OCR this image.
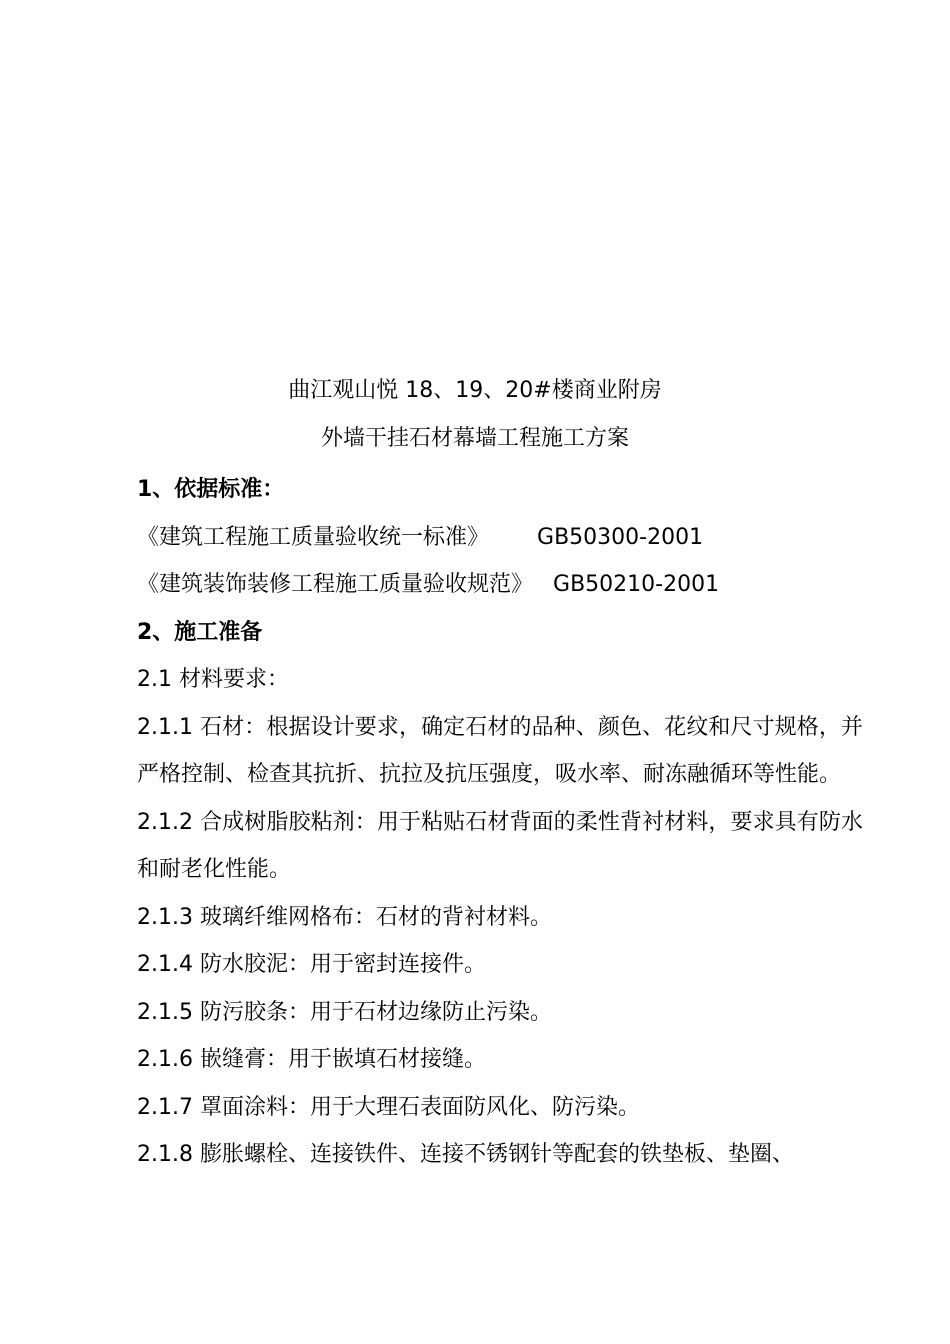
曲江观山悦 18、19、20#楼商业附房
外墙干挂石材幕墙工程施工方案
1、依据标准：
《建筑工程施工质量验收统一标准》 GB50300-2001
《建筑装饰装修工程施工质量验收规范》 GB50210-2001
2、施工准备
2.1 材料要求：
2.1.1 石材：根据设计要求，确定石材的品种、颜色、花纹和尺寸规格，并严格控制、检查其抗折、抗拉及抗压强度，吸水率、耐冻融循环等性能。
2.1.2 合成树脂胶粘剂：用于粘贴石材背面的柔性背衬材料，要求具有防水和耐老化性能。
2.1.3 玻璃纤维网格布：石材的背衬材料。
2.1.4 防水胶泥：用于密封连接件。
2.1.5 防污胶条：用于石材边缘防止污染。
2.1.6 嵌缝膏：用于嵌填石材接缝。
2.1.7 罩面涂料：用于大理石表面防风化、防污染。
2.1.8 膨胀螺栓、连接铁件、连接不锈钢针等配套的铁垫板、垫圈、
